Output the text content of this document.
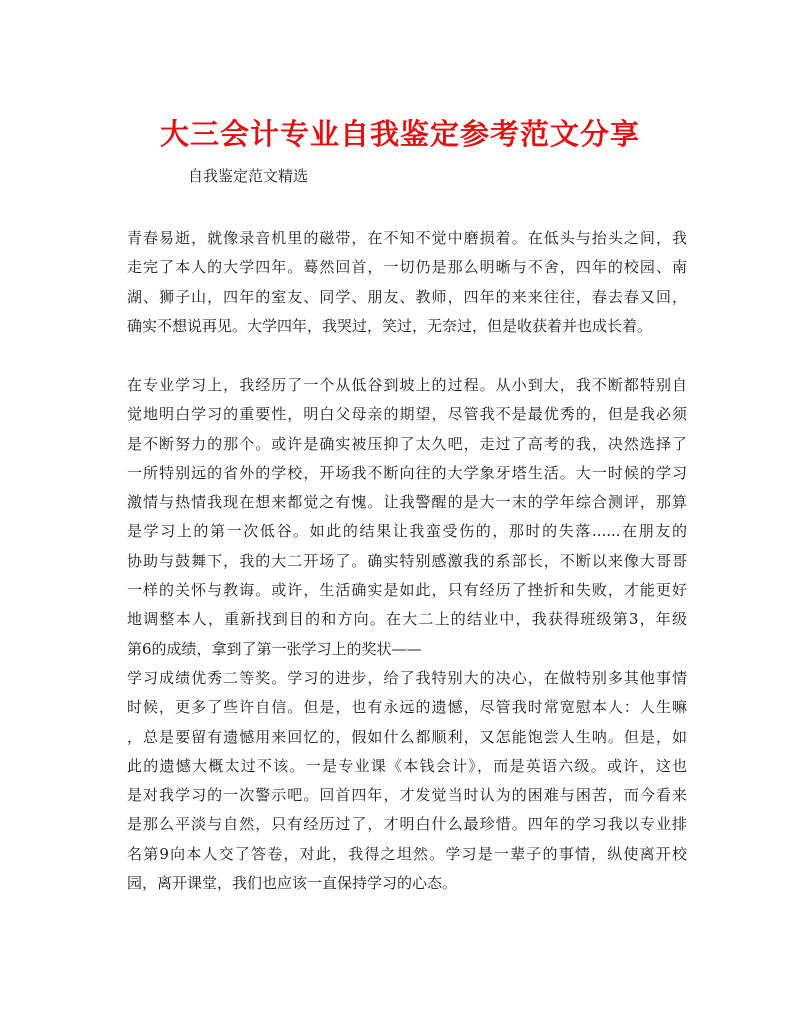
大三会计专业自我鉴定参考范文分享

自我鉴定范文精选

青春易逝，就像录音机里的磁带，在不知不觉中磨损着。在低头与抬头之间，我
走完了本人的大学四年。蓦然回首，一切仍是那么明晰与不舍，四年的校园、南
湖、狮子山，四年的室友、同学、朋友、教师，四年的来来往往，春去春又回，
确实不想说再见。大学四年，我哭过，笑过，无奈过，但是收获着并也成长着。
在专业学习上，我经历了一个从低谷到坡上的过程。从小到大，我不断都特别自
觉地明白学习的重要性，明白父母亲的期望，尽管我不是最优秀的，但是我必须
是不断努力的那个。或许是确实被压抑了太久吧，走过了高考的我，决然选择了
一所特别远的省外的学校，开场我不断向往的大学象牙塔生活。大一时候的学习
激情与热情我现在想来都觉之有愧。让我警醒的是大一末的学年综合测评，那算
是学习上的第一次低谷。如此的结果让我蛮受伤的，那时的失落......在朋友的
协助与鼓舞下，我的大二开场了。确实特别感激我的系部长，不断以来像大哥哥
一样的关怀与教诲。或许，生活确实是如此，只有经历了挫折和失败，才能更好
地调整本人，重新找到目的和方向。在大二上的结业中，我获得班级第3，年级
第6的成绩，拿到了第一张学习上的奖状——
学习成绩优秀二等奖。学习的进步，给了我特别大的决心，在做特别多其他事情
时候，更多了些许自信。但是，也有永远的遗憾，尽管我时常宽慰本人：人生嘛
，总是要留有遗憾用来回忆的，假如什么都顺利，又怎能饱尝人生呐。但是，如
此的遗憾大概太过不该。一是专业课《本钱会计》，而是英语六级。或许，这也
是对我学习的一次警示吧。回首四年，才发觉当时认为的困难与困苦，而今看来
是那么平淡与自然，只有经历过了，才明白什么最珍惜。四年的学习我以专业排
名第9向本人交了答卷，对此，我得之坦然。学习是一辈子的事情，纵使离开校
园，离开课堂，我们也应该一直保持学习的心态。
